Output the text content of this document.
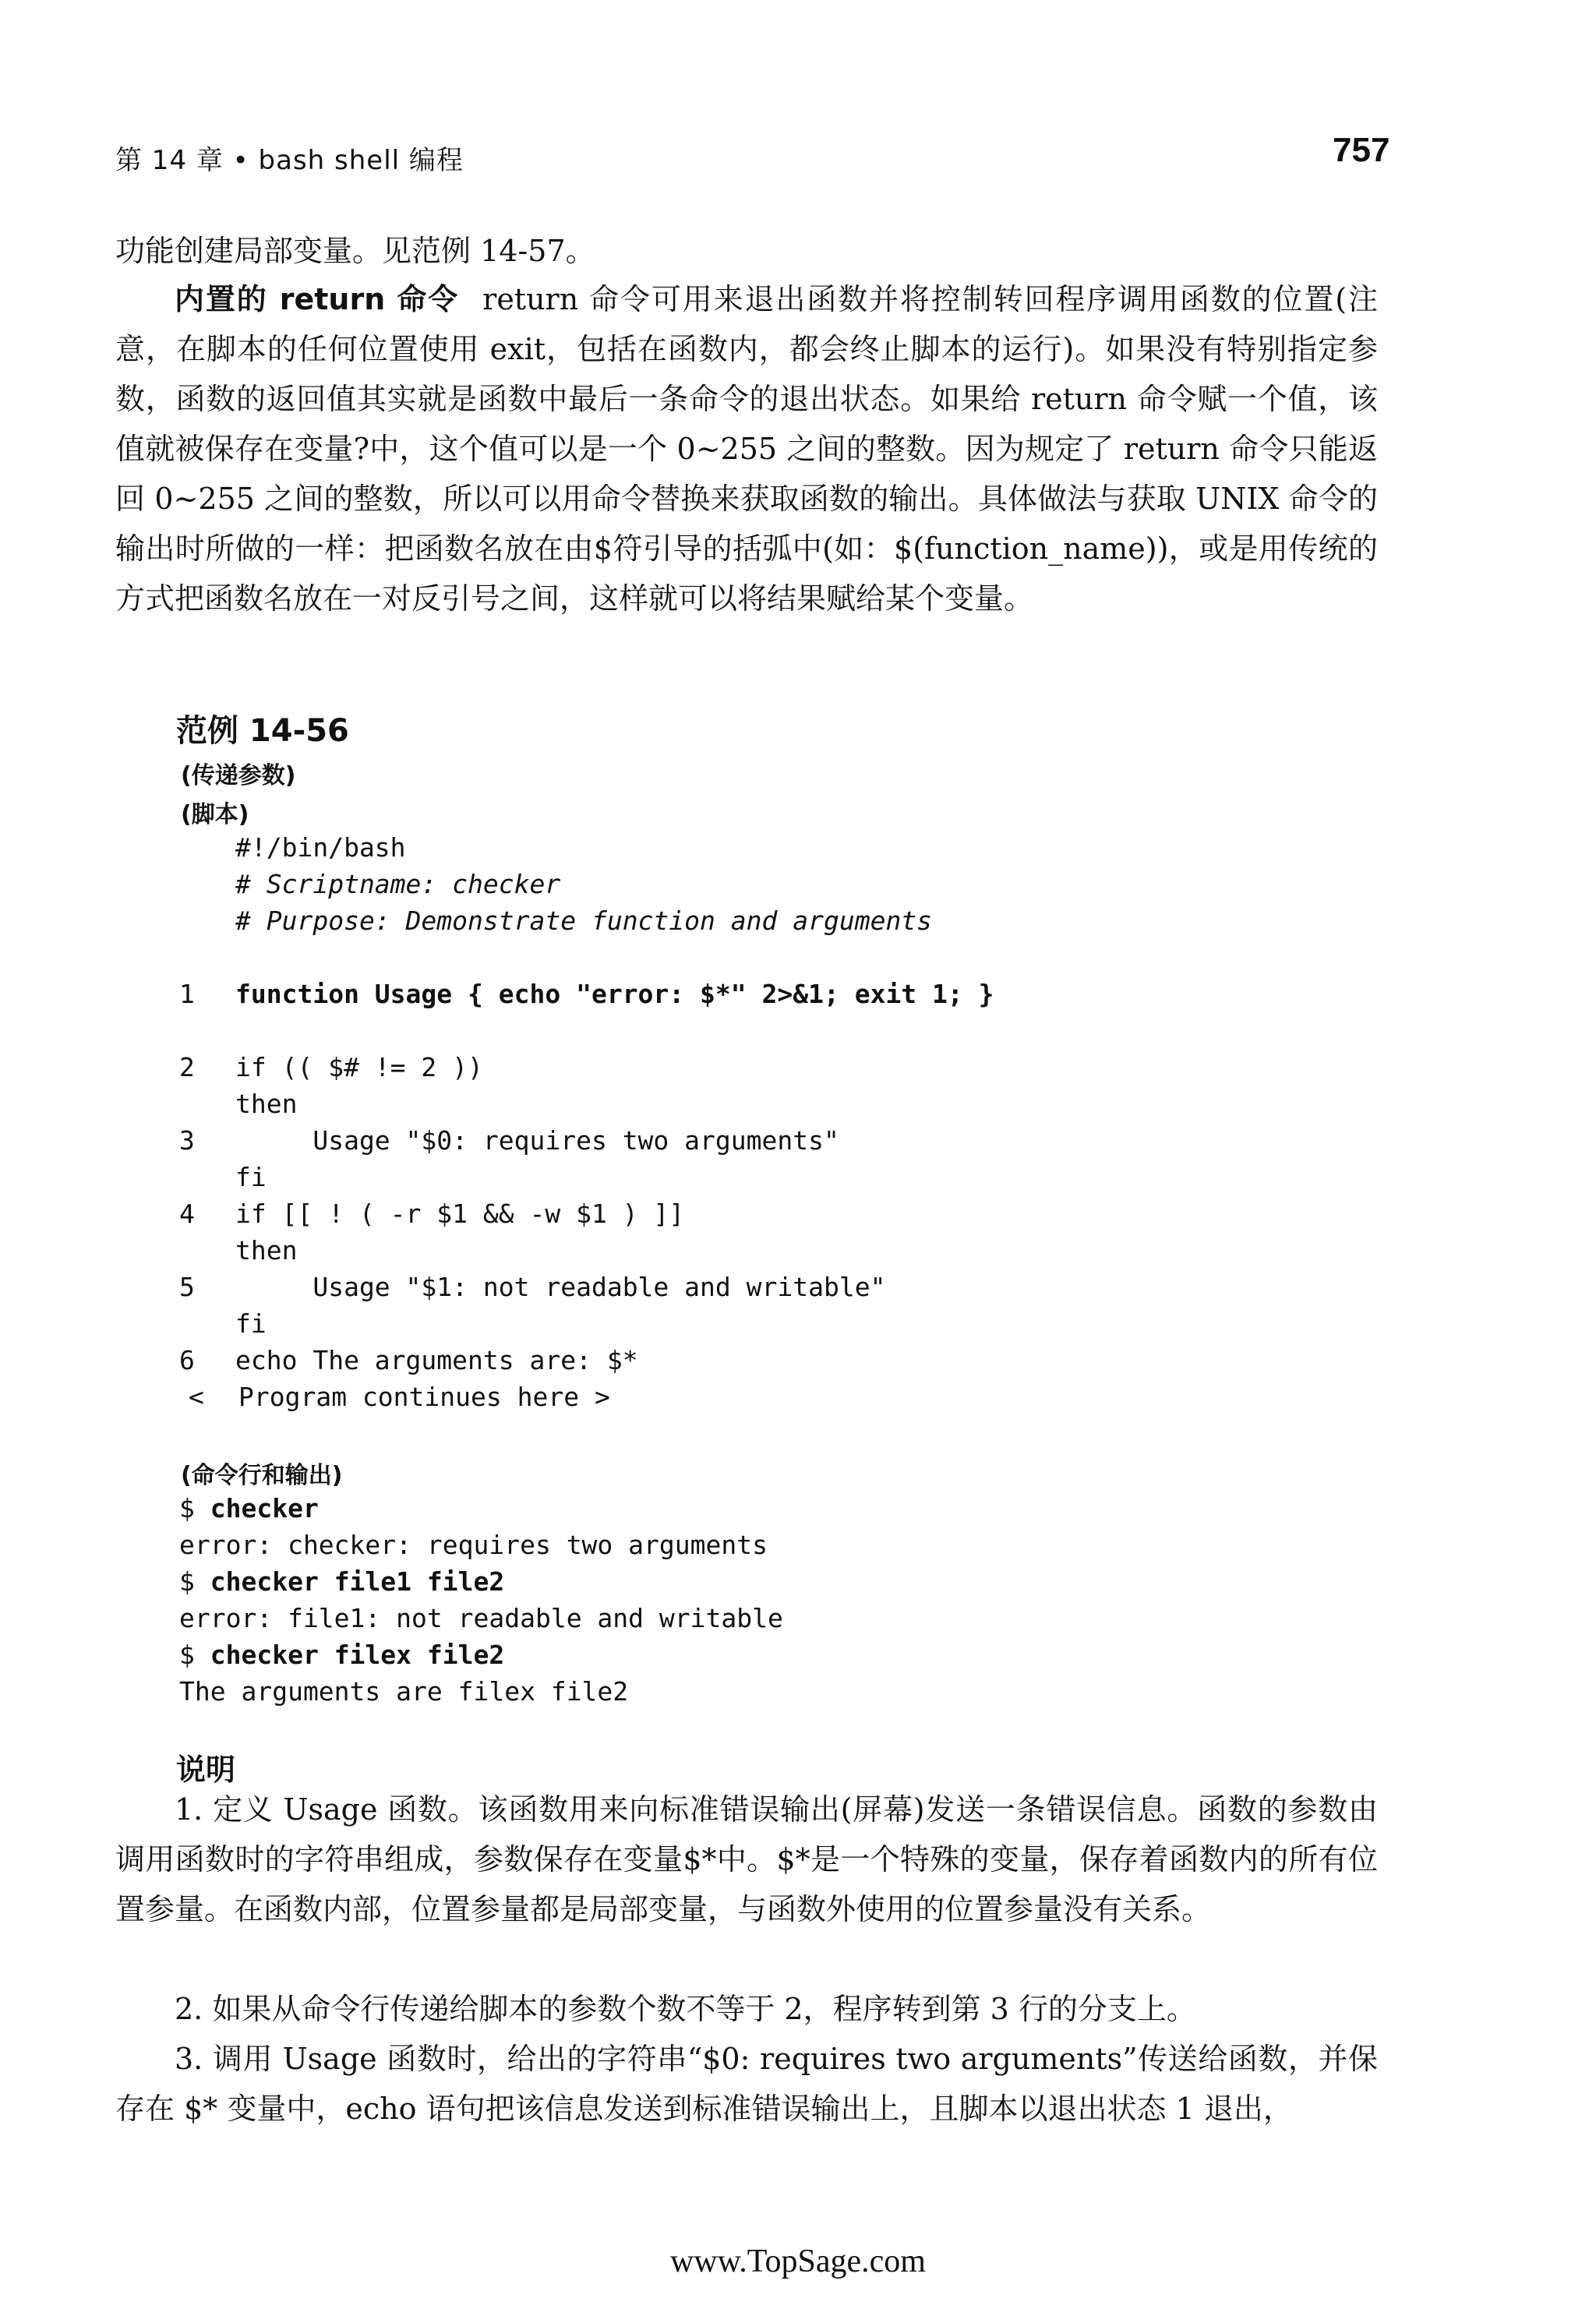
第 14 章 • bash shell 编程	757
功能创建局部变量。见范例 14-57。
内置的 return 命令 return 命令可用来退出函数并将控制转回程序调用函数的位置(注意，在脚本的任何位置使用 exit，包括在函数内，都会终止脚本的运行)。如果没有特别指定参数，函数的返回值其实就是函数中最后一条命令的退出状态。如果给 return 命令赋一个值，该值就被保存在变量?中，这个值可以是一个 0~255 之间的整数。因为规定了 return 命令只能返回 0~255 之间的整数，所以可以用命令替换来获取函数的输出。具体做法与获取 UNIX 命令的输出时所做的一样：把函数名放在由$符引导的括弧中(如：$(function_name))，或是用传统的方式把函数名放在一对反引号之间，这样就可以将结果赋给某个变量。
范例 14-56
(传递参数)
(脚本)
#!/bin/bash
# Scriptname: checker
# Purpose: Demonstrate function and arguments
1 function Usage { echo "error: $*" 2>&1; exit 1; }
2 if (( $# != 2 ))
then
3 Usage "$0: requires two arguments"
fi
4 if [[ ! ( -r $1 && -w $1 ) ]]
then
5 Usage "$1: not readable and writable"
fi
6 echo The arguments are: $*
< Program continues here >
(命令行和输出)
$ checker
error: checker: requires two arguments
$ checker file1 file2
error: file1: not readable and writable
$ checker filex file2
The arguments are filex file2
说明
1. 定义 Usage 函数。该函数用来向标准错误输出(屏幕)发送一条错误信息。函数的参数由调用函数时的字符串组成，参数保存在变量$*中。$*是一个特殊的变量，保存着函数内的所有位置参量。在函数内部，位置参量都是局部变量，与函数外使用的位置参量没有关系。
2. 如果从命令行传递给脚本的参数个数不等于 2，程序转到第 3 行的分支上。
3. 调用 Usage 函数时，给出的字符串“$0: requires two arguments”传送给函数，并保存在 $* 变量中，echo 语句把该信息发送到标准错误输出上，且脚本以退出状态 1 退出，
www.TopSage.com
